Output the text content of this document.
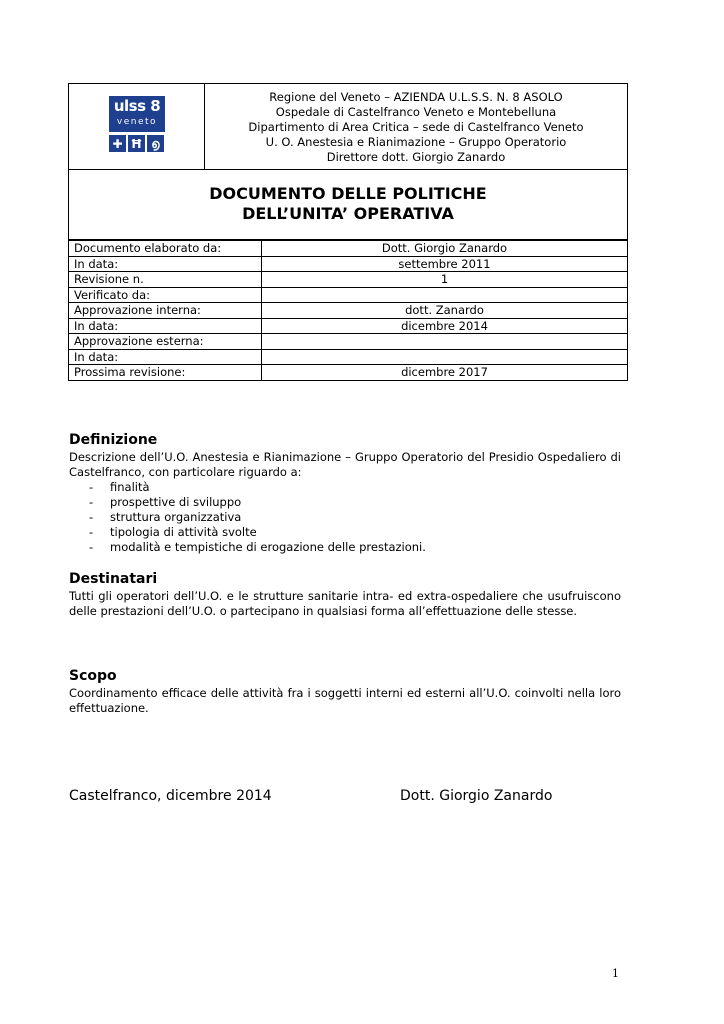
ulss 8
veneto
✚ Ħ ൭
Regione del Veneto – AZIENDA U.L.S.S. N. 8 ASOLO
Ospedale di Castelfranco Veneto e Montebelluna
Dipartimento di Area Critica – sede di Castelfranco Veneto
U. O. Anestesia e Rianimazione – Gruppo Operatorio
Direttore dott. Giorgio Zanardo
DOCUMENTO DELLE POLITICHE
DELL’UNITA’ OPERATIVA
Documento elaborato da:	Dott. Giorgio Zanardo
In data:	settembre 2011
Revisione n.	1
Verificato da:	
Approvazione interna:	dott. Zanardo
In data:	dicembre 2014
Approvazione esterna:	
In data:	
Prossima revisione:	dicembre 2017
Definizione
Descrizione dell’U.O. Anestesia e Rianimazione – Gruppo Operatorio del Presidio Ospedaliero di Castelfranco, con particolare riguardo a:
- finalità
- prospettive di sviluppo
- struttura organizzativa
- tipologia di attività svolte
- modalità e tempistiche di erogazione delle prestazioni.
Destinatari
Tutti gli operatori dell’U.O. e le strutture sanitarie intra- ed extra-ospedaliere che usufruiscono delle prestazioni dell’U.O. o partecipano in qualsiasi forma all’effettuazione delle stesse.
Scopo
Coordinamento efficace delle attività fra i soggetti interni ed esterni all’U.O. coinvolti nella loro effettuazione.
Castelfranco, dicembre 2014	Dott. Giorgio Zanardo
1
